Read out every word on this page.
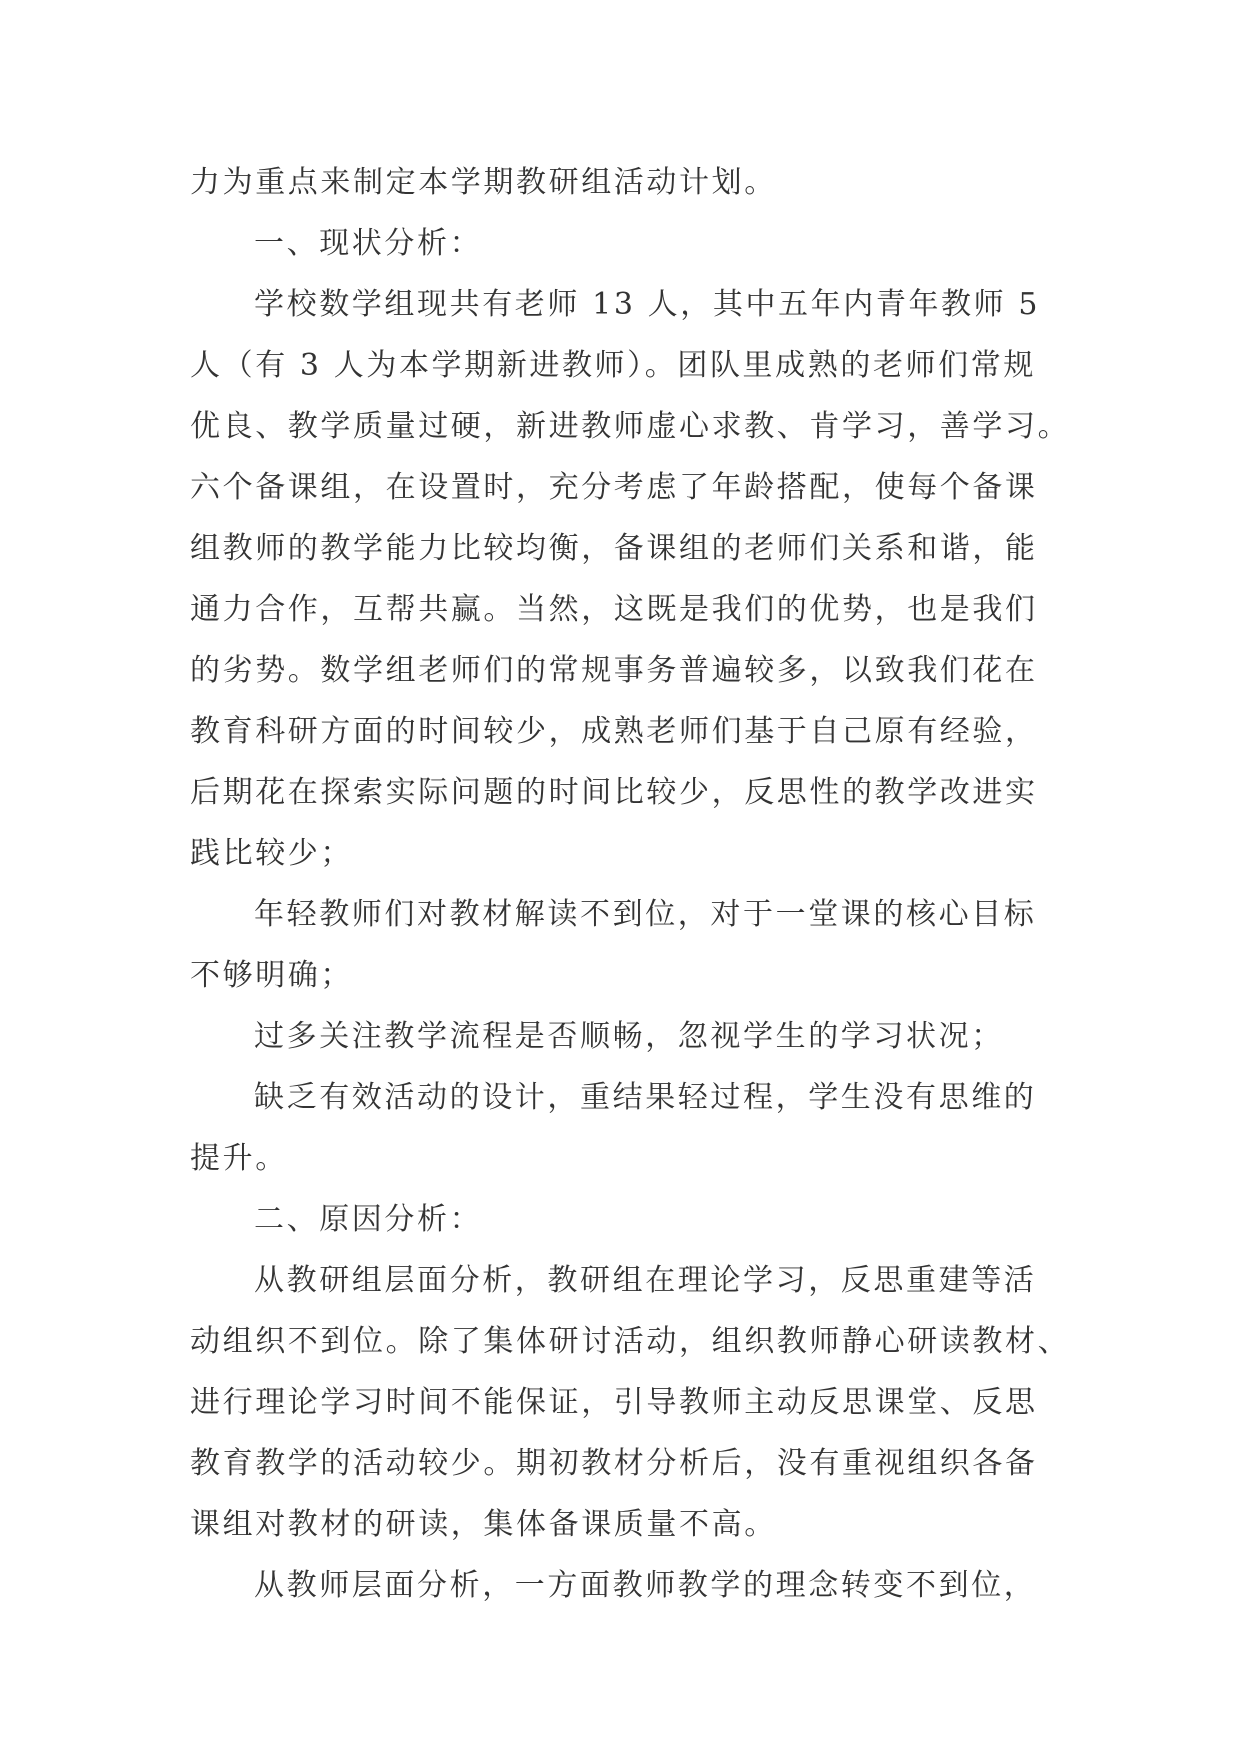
力为重点来制定本学期教研组活动计划。
一、现状分析：
学校数学组现共有老师 13 人，其中五年内青年教师 5
人（有 3 人为本学期新进教师）。团队里成熟的老师们常规
优良、教学质量过硬，新进教师虚心求教、肯学习，善学习。
六个备课组，在设置时，充分考虑了年龄搭配，使每个备课
组教师的教学能力比较均衡，备课组的老师们关系和谐，能
通力合作，互帮共赢。当然，这既是我们的优势，也是我们
的劣势。数学组老师们的常规事务普遍较多，以致我们花在
教育科研方面的时间较少，成熟老师们基于自己原有经验，
后期花在探索实际问题的时间比较少，反思性的教学改进实
践比较少；
年轻教师们对教材解读不到位，对于一堂课的核心目标
不够明确；
过多关注教学流程是否顺畅，忽视学生的学习状况；
缺乏有效活动的设计，重结果轻过程，学生没有思维的
提升。
二、原因分析：
从教研组层面分析，教研组在理论学习，反思重建等活
动组织不到位。除了集体研讨活动，组织教师静心研读教材、
进行理论学习时间不能保证，引导教师主动反思课堂、反思
教育教学的活动较少。期初教材分析后，没有重视组织各备
课组对教材的研读，集体备课质量不高。
从教师层面分析，一方面教师教学的理念转变不到位，
